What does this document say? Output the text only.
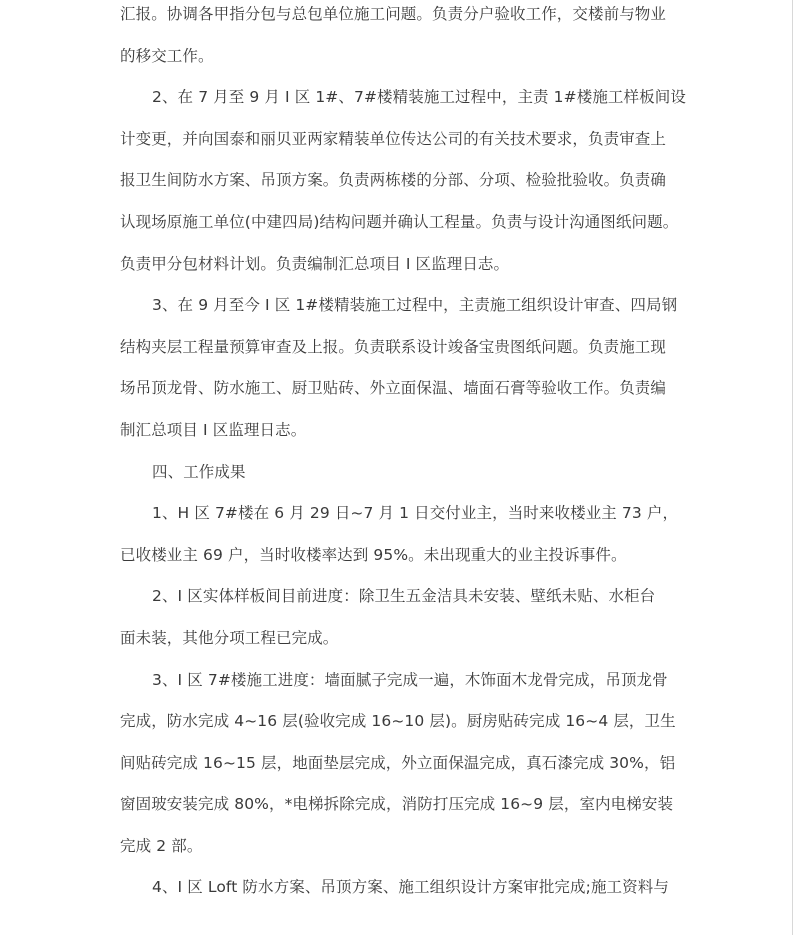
汇报。协调各甲指分包与总包单位施工问题。负责分户验收工作，交楼前与物业
的移交工作。
2、在 7 月至 9 月 I 区 1#、7#楼精装施工过程中，主责 1#楼施工样板间设
计变更，并向国泰和丽贝亚两家精装单位传达公司的有关技术要求，负责审查上
报卫生间防水方案、吊顶方案。负责两栋楼的分部、分项、检验批验收。负责确
认现场原施工单位(中建四局)结构问题并确认工程量。负责与设计沟通图纸问题。
负责甲分包材料计划。负责编制汇总项目 I 区监理日志。
3、在 9 月至今 I 区 1#楼精装施工过程中，主责施工组织设计审查、四局钢
结构夹层工程量预算审查及上报。负责联系设计竣备宝贵图纸问题。负责施工现
场吊顶龙骨、防水施工、厨卫贴砖、外立面保温、墙面石膏等验收工作。负责编
制汇总项目 I 区监理日志。
四、工作成果
1、H 区 7#楼在 6 月 29 日~7 月 1 日交付业主，当时来收楼业主 73 户，
已收楼业主 69 户，当时收楼率达到 95%。未出现重大的业主投诉事件。
2、I 区实体样板间目前进度：除卫生五金洁具未安装、壁纸未贴、水柜台
面未装，其他分项工程已完成。
3、I 区 7#楼施工进度：墙面腻子完成一遍，木饰面木龙骨完成，吊顶龙骨
完成，防水完成 4~16 层(验收完成 16~10 层)。厨房贴砖完成 16~4 层，卫生
间贴砖完成 16~15 层，地面垫层完成，外立面保温完成，真石漆完成 30%，铝
窗固玻安装完成 80%，*电梯拆除完成，消防打压完成 16~9 层，室内电梯安装
完成 2 部。
4、I 区 Loft 防水方案、吊顶方案、施工组织设计方案审批完成;施工资料与
